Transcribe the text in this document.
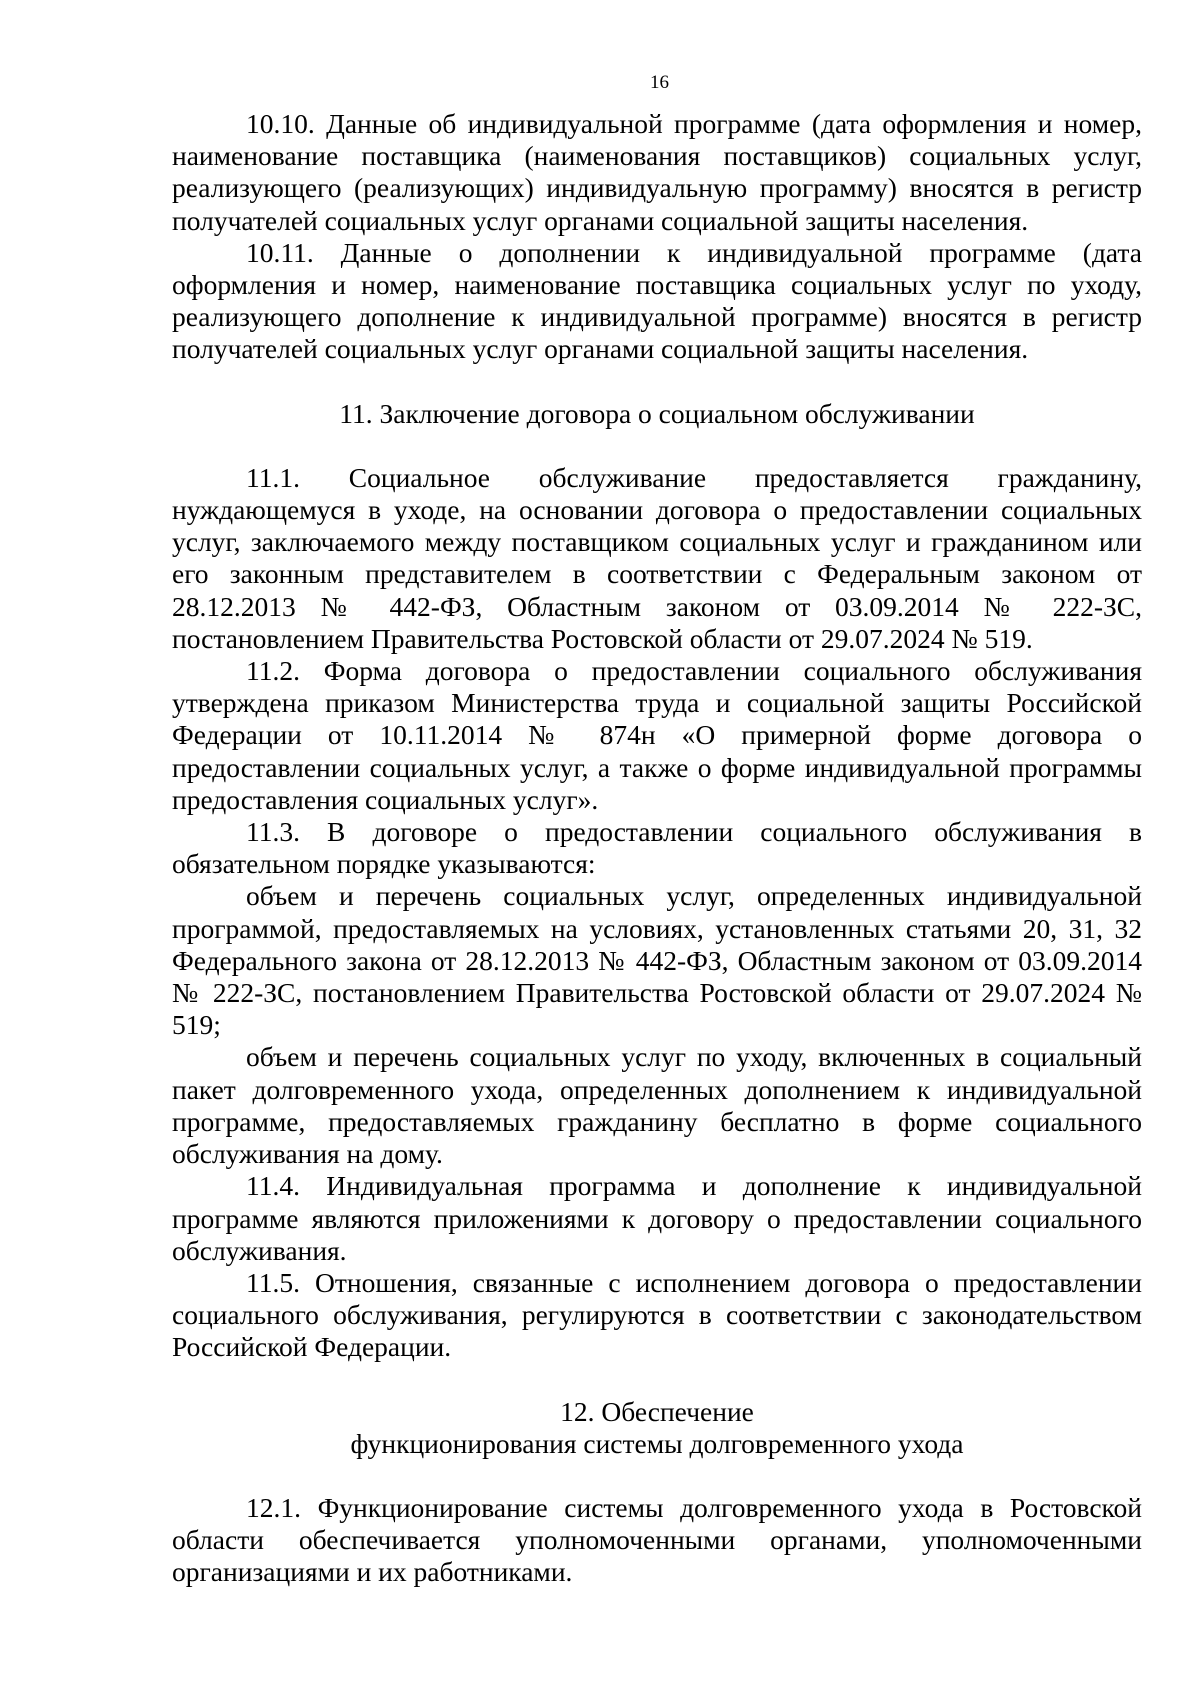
16

10.10. Данные об индивидуальной программе (дата оформления и номер, наименование поставщика (наименования поставщиков) социальных услуг, реализующего (реализующих) индивидуальную программу) вносятся в регистр получателей социальных услуг органами социальной защиты населения.

10.11. Данные о дополнении к индивидуальной программе (дата оформления и номер, наименование поставщика социальных услуг по уходу, реализующего дополнение к индивидуальной программе) вносятся в регистр получателей социальных услуг органами социальной защиты населения.

11. Заключение договора о социальном обслуживании

11.1. Социальное обслуживание предоставляется гражданину, нуждающемуся в уходе, на основании договора о предоставлении социальных услуг, заключаемого между поставщиком социальных услуг и гражданином или его законным представителем в соответствии с Федеральным законом от 28.12.2013 № 442-ФЗ, Областным законом от 03.09.2014 № 222-ЗС, постановлением Правительства Ростовской области от 29.07.2024 № 519.

11.2. Форма договора о предоставлении социального обслуживания утверждена приказом Министерства труда и социальной защиты Российской Федерации от 10.11.2014 № 874н «О примерной форме договора о предоставлении социальных услуг, а также о форме индивидуальной программы предоставления социальных услуг».

11.3. В договоре о предоставлении социального обслуживания в обязательном порядке указываются:

объем и перечень социальных услуг, определенных индивидуальной программой, предоставляемых на условиях, установленных статьями 20, 31, 32 Федерального закона от 28.12.2013 № 442-ФЗ, Областным законом от 03.09.2014 № 222-ЗС, постановлением Правительства Ростовской области от 29.07.2024 № 519;

объем и перечень социальных услуг по уходу, включенных в социальный пакет долговременного ухода, определенных дополнением к индивидуальной программе, предоставляемых гражданину бесплатно в форме социального обслуживания на дому.

11.4. Индивидуальная программа и дополнение к индивидуальной программе являются приложениями к договору о предоставлении социального обслуживания.

11.5. Отношения, связанные с исполнением договора о предоставлении социального обслуживания, регулируются в соответствии с законодательством Российской Федерации.

12. Обеспечение

функционирования системы долговременного ухода

12.1. Функционирование системы долговременного ухода в Ростовской области обеспечивается уполномоченными органами, уполномоченными организациями и их работниками.
